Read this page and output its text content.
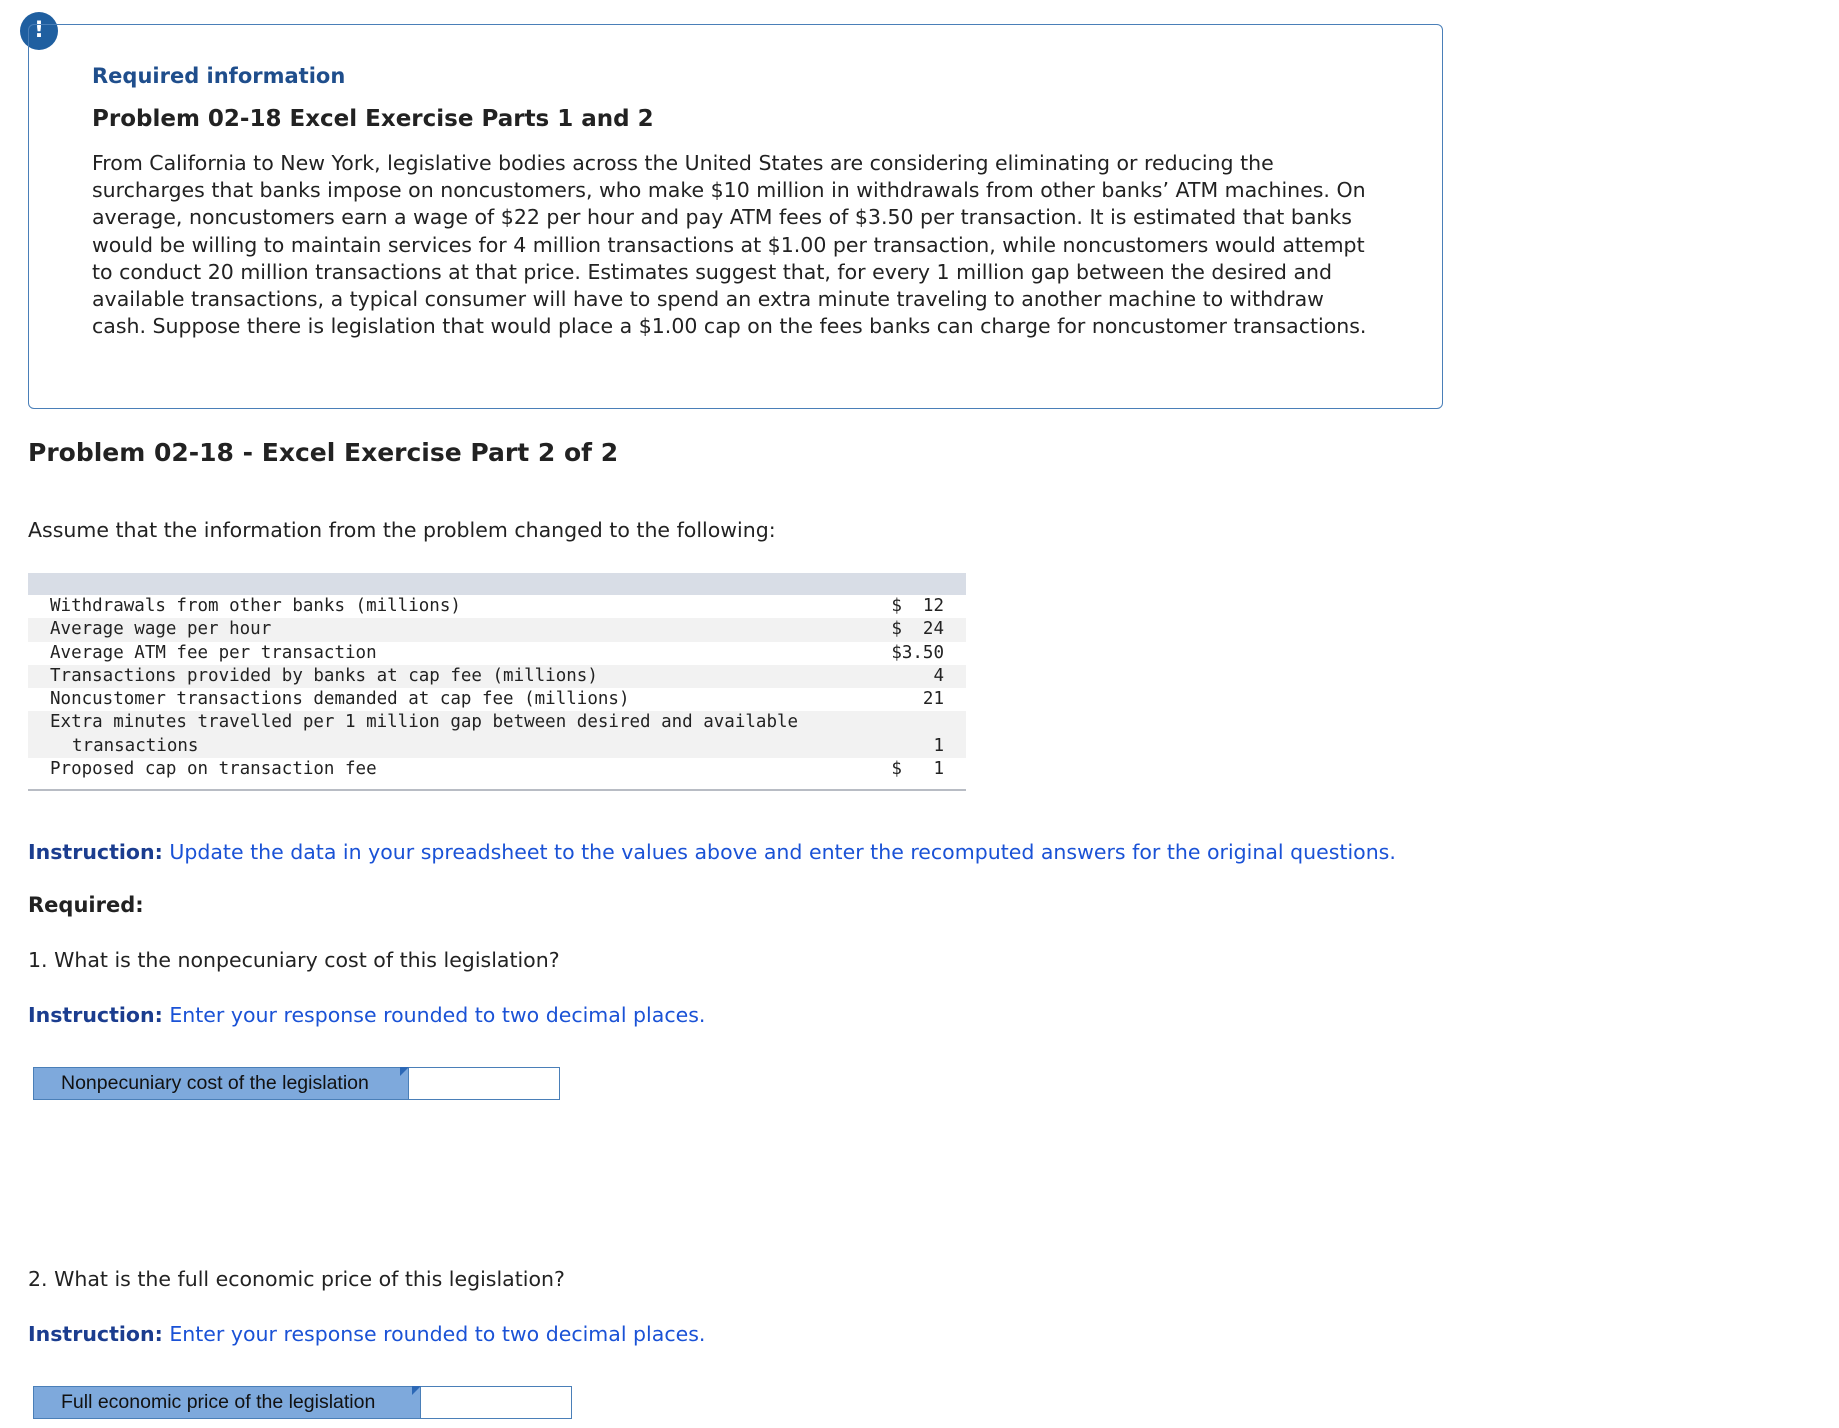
!
Required information
Problem 02-18 Excel Exercise Parts 1 and 2
From California to New York, legislative bodies across the United States are considering eliminating or reducing the surcharges that banks impose on noncustomers, who make $10 million in withdrawals from other banks’ ATM machines. On average, noncustomers earn a wage of $22 per hour and pay ATM fees of $3.50 per transaction. It is estimated that banks would be willing to maintain services for 4 million transactions at $1.00 per transaction, while noncustomers would attempt to conduct 20 million transactions at that price. Estimates suggest that, for every 1 million gap between the desired and available transactions, a typical consumer will have to spend an extra minute traveling to another machine to withdraw cash. Suppose there is legislation that would place a $1.00 cap on the fees banks can charge for noncustomer transactions.
Problem 02-18 - Excel Exercise Part 2 of 2
Assume that the information from the problem changed to the following:
Withdrawals from other banks (millions)	$  12
Average wage per hour	$  24
Average ATM fee per transaction	$3.50
Transactions provided by banks at cap fee (millions)	4
Noncustomer transactions demanded at cap fee (millions)	21
Extra minutes travelled per 1 million gap between desired and available
transactions	1
Proposed cap on transaction fee	$   1
Instruction: Update the data in your spreadsheet to the values above and enter the recomputed answers for the original questions.
Required:
1. What is the nonpecuniary cost of this legislation?
Instruction: Enter your response rounded to two decimal places.
Nonpecuniary cost of the legislation
2. What is the full economic price of this legislation?
Instruction: Enter your response rounded to two decimal places.
Full economic price of the legislation
